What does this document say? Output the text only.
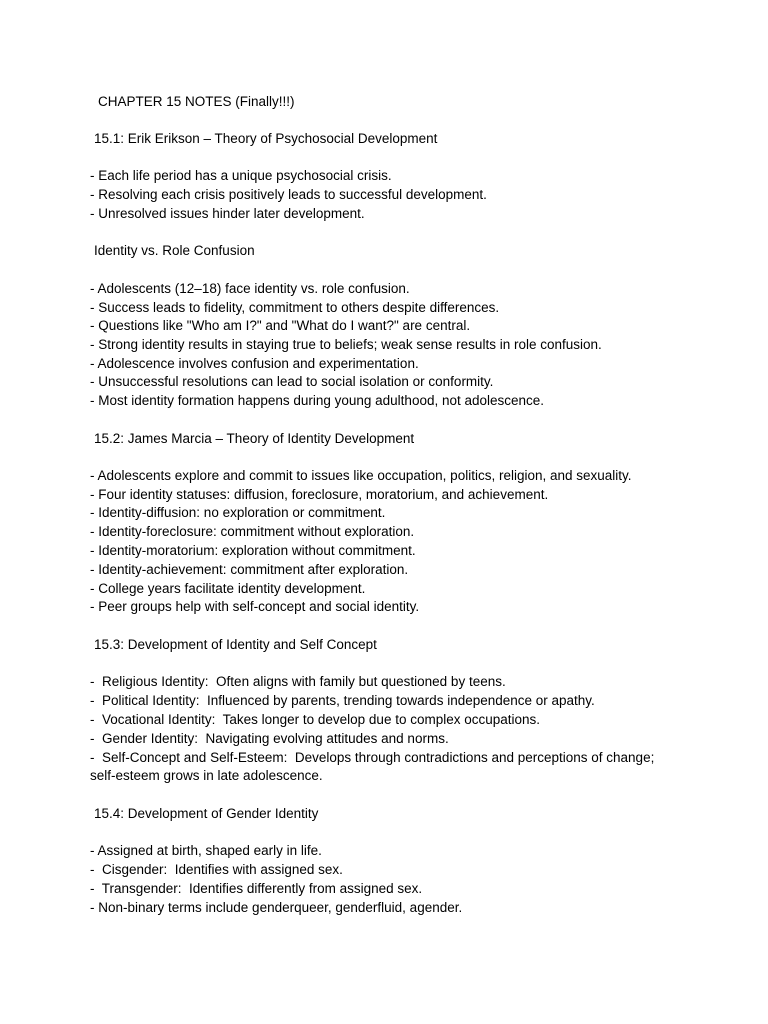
CHAPTER 15 NOTES (Finally!!!)
15.1: Erik Erikson – Theory of Psychosocial Development
- Each life period has a unique psychosocial crisis.
- Resolving each crisis positively leads to successful development.
- Unresolved issues hinder later development.
Identity vs. Role Confusion
- Adolescents (12–18) face identity vs. role confusion.
- Success leads to fidelity, commitment to others despite differences.
- Questions like "Who am I?" and "What do I want?" are central.
- Strong identity results in staying true to beliefs; weak sense results in role confusion.
- Adolescence involves confusion and experimentation.
- Unsuccessful resolutions can lead to social isolation or conformity.
- Most identity formation happens during young adulthood, not adolescence.
15.2: James Marcia – Theory of Identity Development
- Adolescents explore and commit to issues like occupation, politics, religion, and sexuality.
- Four identity statuses: diffusion, foreclosure, moratorium, and achievement.
- Identity-diffusion: no exploration or commitment.
- Identity-foreclosure: commitment without exploration.
- Identity-moratorium: exploration without commitment.
- Identity-achievement: commitment after exploration.
- College years facilitate identity development.
- Peer groups help with self-concept and social identity.
15.3: Development of Identity and Self Concept
-  Religious Identity:  Often aligns with family but questioned by teens.
-  Political Identity:  Influenced by parents, trending towards independence or apathy.
-  Vocational Identity:  Takes longer to develop due to complex occupations.
-  Gender Identity:  Navigating evolving attitudes and norms.
-  Self-Concept and Self-Esteem:  Develops through contradictions and perceptions of change;
self-esteem grows in late adolescence.
15.4: Development of Gender Identity
- Assigned at birth, shaped early in life.
-  Cisgender:  Identifies with assigned sex.
-  Transgender:  Identifies differently from assigned sex.
- Non-binary terms include genderqueer, genderfluid, agender.
